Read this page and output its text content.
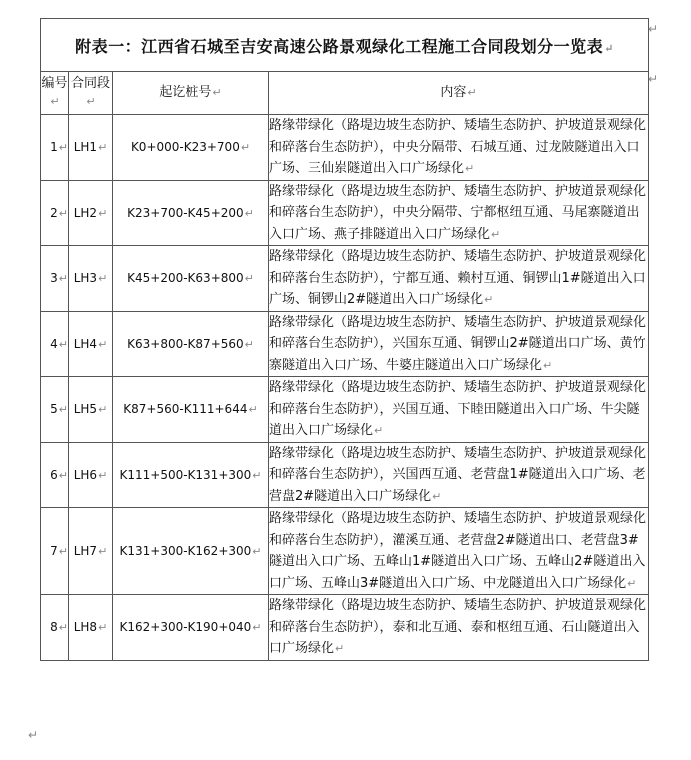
附表一：江西省石城至吉安高速公路景观绿化工程施工合同段划分一览表↵			
编号↵	合同段↵	起讫桩号↵	内容↵
1↵	LH1↵	K0+000-K23+700↵	路缘带绿化（路堤边坡生态防护、矮墙生态防护、护坡道景观绿化和碎落台生态防护），中央分隔带、石城互通、过龙陂隧道出入口广场、三仙岽隧道出入口广场绿化↵
2↵	LH2↵	K23+700-K45+200↵	路缘带绿化（路堤边坡生态防护、矮墙生态防护、护坡道景观绿化和碎落台生态防护），中央分隔带、宁都枢纽互通、马尾寨隧道出入口广场、燕子排隧道出入口广场绿化↵
3↵	LH3↵	K45+200-K63+800↵	路缘带绿化（路堤边坡生态防护、矮墙生态防护、护坡道景观绿化和碎落台生态防护），宁都互通、赖村互通、铜锣山1#隧道出入口广场、铜锣山2#隧道出入口广场绿化↵
4↵	LH4↵	K63+800-K87+560↵	路缘带绿化（路堤边坡生态防护、矮墙生态防护、护坡道景观绿化和碎落台生态防护），兴国东互通、铜锣山2#隧道出口广场、黄竹寨隧道出入口广场、牛婆庄隧道出入口广场绿化↵
5↵	LH5↵	K87+560-K111+644↵	路缘带绿化（路堤边坡生态防护、矮墙生态防护、护坡道景观绿化和碎落台生态防护），兴国互通、下睦田隧道出入口广场、牛尖隧道出入口广场绿化↵
6↵	LH6↵	K111+500-K131+300↵	路缘带绿化（路堤边坡生态防护、矮墙生态防护、护坡道景观绿化和碎落台生态防护），兴国西互通、老营盘1#隧道出入口广场、老营盘2#隧道出入口广场绿化↵
7↵	LH7↵	K131+300-K162+300↵	路缘带绿化（路堤边坡生态防护、矮墙生态防护、护坡道景观绿化和碎落台生态防护），灌溪互通、老营盘2#隧道出口、老营盘3#隧道出入口广场、五峰山1#隧道出入口广场、五峰山2#隧道出入口广场、五峰山3#隧道出入口广场、中龙隧道出入口广场绿化↵
8↵	LH8↵	K162+300-K190+040↵	路缘带绿化（路堤边坡生态防护、矮墙生态防护、护坡道景观绿化和碎落台生态防护），泰和北互通、泰和枢纽互通、石山隧道出入口广场绿化↵
↵
↵
↵
